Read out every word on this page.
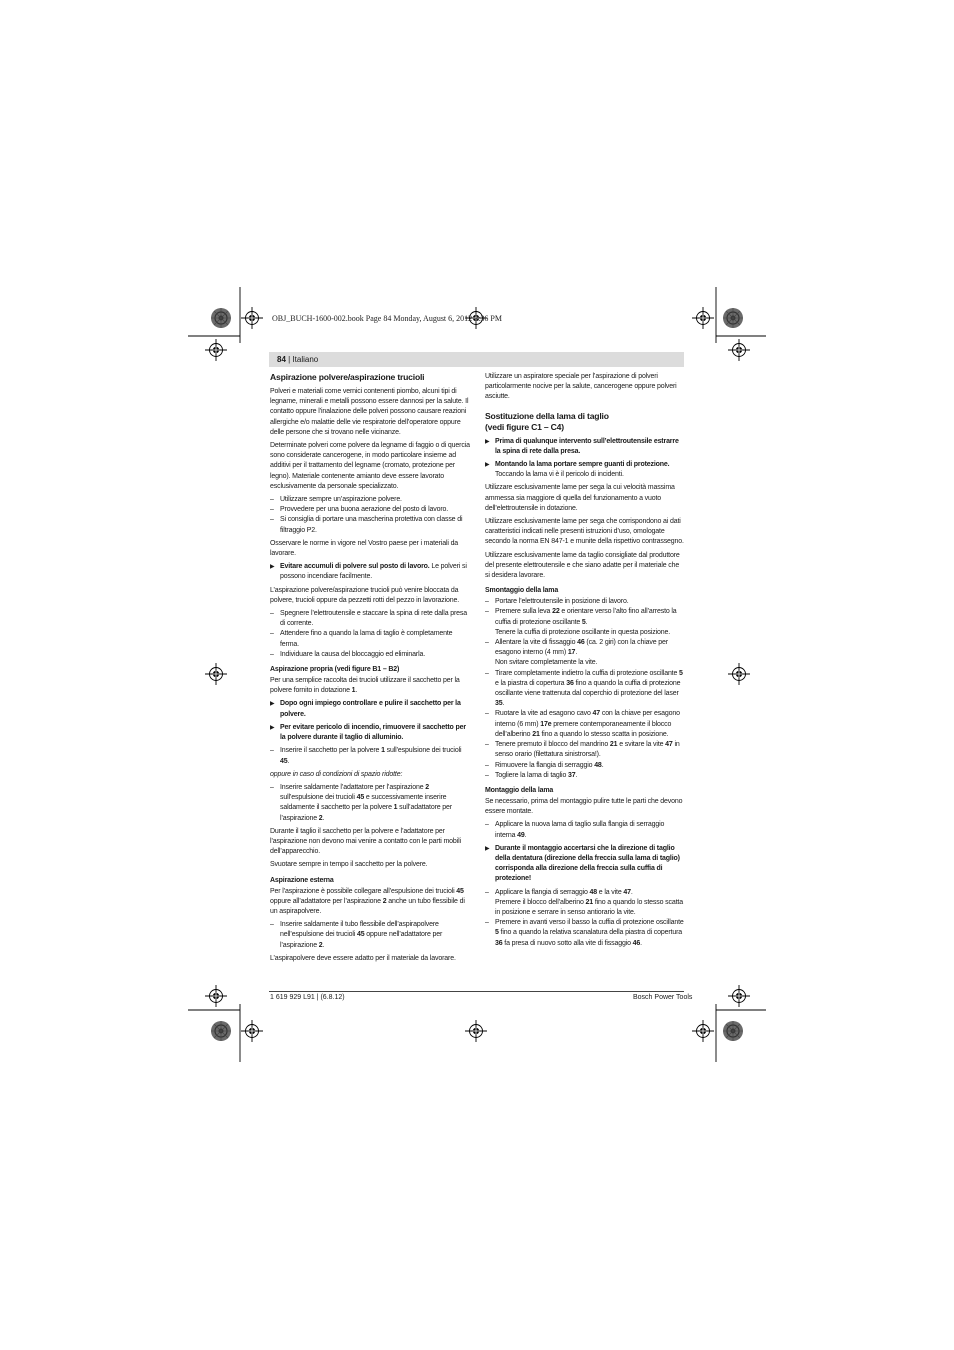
OBJ_BUCH-1600-002.book Page 84 Monday, August 6, 2012 3:36 PM
84 | Italiano
Aspirazione polvere/aspirazione trucioli

Polveri e materiali come vernici contenenti piombo, alcuni tipi di legname, minerali e metalli possono essere dannosi per la salute. Il contatto oppure l’inalazione delle polveri possono causare reazioni allergiche e/o malattie delle vie respiratorie dell’operatore oppure delle persone che si trovano nelle vicinanze.

Determinate polveri come polvere da legname di faggio o di quercia sono considerate cancerogene, in modo particolare insieme ad additivi per il trattamento del legname (cromato, protezione per legno). Materiale contenente amianto deve essere lavorato esclusivamente da personale specializzato.

– Utilizzare sempre un’aspirazione polvere.
– Provvedere per una buona aerazione del posto di lavoro.
– Si consiglia di portare una mascherina protettiva con classe di filtraggio P2.

Osservare le norme in vigore nel Vostro paese per i materiali da lavorare.

▶ Evitare accumuli di polvere sul posto di lavoro. Le polveri si possono incendiare facilmente.

L’aspirazione polvere/aspirazione trucioli può venire bloccata da polvere, trucioli oppure da pezzetti rotti del pezzo in lavorazione.

– Spegnere l’elettroutensile e staccare la spina di rete dalla presa di corrente.
– Attendere fino a quando la lama di taglio è completamente ferma.
– Individuare la causa del bloccaggio ed eliminarla.
Aspirazione propria (vedi figure B1 – B2)

Per una semplice raccolta dei trucioli utilizzare il sacchetto per la polvere fornito in dotazione 1.

▶ Dopo ogni impiego controllare e pulire il sacchetto per la polvere.
▶ Per evitare pericolo di incendio, rimuovere il sacchetto per la polvere durante il taglio di alluminio.
– Inserire il sacchetto per la polvere 1 sull’espulsione dei trucioli 45.

oppure in caso di condizioni di spazio ridotte:

– Inserire saldamente l’adattatore per l’aspirazione 2 sull’espulsione dei trucioli 45 e successivamente inserire saldamente il sacchetto per la polvere 1 sull’adattatore per l’aspirazione 2.

Durante il taglio il sacchetto per la polvere e l’adattatore per l’aspirazione non devono mai venire a contatto con le parti mobili dell’apparecchio.

Svuotare sempre in tempo il sacchetto per la polvere.

Aspirazione esterna

Per l’aspirazione è possibile collegare all’espulsione dei trucioli 45 oppure all’adattatore per l’aspirazione 2 anche un tubo flessibile di un aspirapolvere.

– Inserire saldamente il tubo flessibile dell’aspirapolvere nell’espulsione dei trucioli 45 oppure nell’adattatore per l’aspirazione 2.

L’aspirapolvere deve essere adatto per il materiale da lavorare.

Utilizzare un aspiratore speciale per l’aspirazione di polveri particolarmente nocive per la salute, cancerogene oppure polveri asciutte.

Sostituzione della lama di taglio
(vedi figure C1 – C4)
▶ Prima di qualunque intervento sull’elettroutensile estrarre la spina di rete dalla presa.
▶ Montando la lama portare sempre guanti di protezione.
Toccando la lama vi è il pericolo di incidenti.

Utilizzare esclusivamente lame per sega la cui velocità massima ammessa sia maggiore di quella del funzionamento a vuoto dell’elettroutensile in dotazione.

Utilizzare esclusivamente lame per sega che corrispondono ai dati caratteristici indicati nelle presenti istruzioni d’uso, omologate secondo la norma EN 847-1 e munite della rispettivo contrassegno.

Utilizzare esclusivamente lame da taglio consigliate dal produttore del presente elettroutensile e che siano adatte per il materiale che si desidera lavorare.

Smontaggio della lama
– Portare l’elettroutensile in posizione di lavoro.
– Premere sulla leva 22 e orientare verso l’alto fino all’arresto la cuffia di protezione oscillante 5.
Tenere la cuffia di protezione oscillante in questa posizione.
– Allentare la vite di fissaggio 46 (ca. 2 giri) con la chiave per esagono interno (4 mm) 17.
Non svitare completamente la vite.
– Tirare completamente indietro la cuffia di protezione oscillante 5 e la piastra di copertura 36 fino a quando la cuffia di protezione oscillante viene trattenuta dal coperchio di protezione del laser 35.
– Ruotare la vite ad esagono cavo 47 con la chiave per esagono interno (6 mm) 17e premere contemporaneamente il blocco dell’alberino 21 fino a quando lo stesso scatta in posizione.
– Tenere premuto il blocco del mandrino 21 e svitare la vite 47 in senso orario (filettatura sinistrorsa!).
– Rimuovere la flangia di serraggio 48.
– Togliere la lama di taglio 37.
Montaggio della lama

Se necessario, prima del montaggio pulire tutte le parti che devono essere montate.

– Applicare la nuova lama di taglio sulla flangia di serraggio interna 49.
▶ Durante il montaggio accertarsi che la direzione di taglio della dentatura (direzione della freccia sulla lama di taglio) corrisponda alla direzione della freccia sulla cuffia di protezione!
– Applicare la flangia di serraggio 48 e la vite 47.
Premere il blocco dell’alberino 21 fino a quando lo stesso scatta in posizione e serrare in senso antiorario la vite.
– Premere in avanti verso il basso la cuffia di protezione oscillante 5 fino a quando la relativa scanalatura della piastra di copertura 36 fa presa di nuovo sotto alla vite di fissaggio 46.
1 619 929 L91 | (6.8.12)	Bosch Power Tools
